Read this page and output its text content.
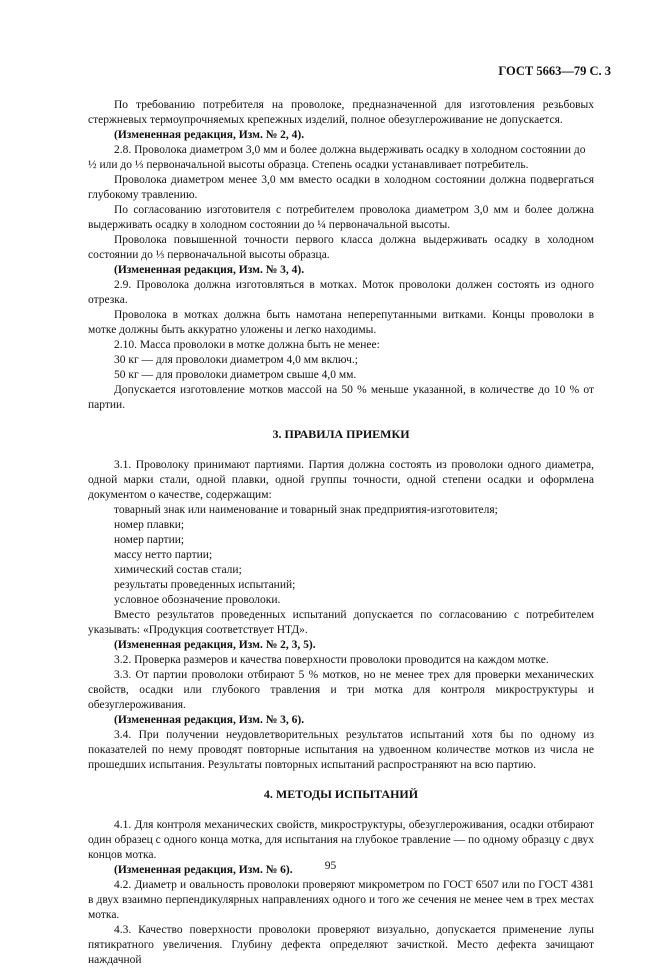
ГОСТ 5663—79 С. 3

По требованию потребителя на проволоке, предназначенной для изготовления резьбовых стержневых термоупрочняемых крепежных изделий, полное обезуглероживание не допускается.

(Измененная редакция, Изм. № 2, 4).

2.8. Проволока диаметром 3,0 мм и более должна выдерживать осадку в холодном состоянии до

½ или до ⅓ первоначальной высоты образца. Степень осадки устанавливает потребитель.

Проволока диаметром менее 3,0 мм вместо осадки в холодном состоянии должна подвергаться глубокому травлению.

По согласованию изготовителя с потребителем проволока диаметром 3,0 мм и более должна выдерживать осадку в холодном состоянии до ¼ первоначальной высоты.

Проволока повышенной точности первого класса должна выдерживать осадку в холодном состоянии до ⅓ первоначальной высоты образца.

(Измененная редакция, Изм. № 3, 4).

2.9. Проволока должна изготовляться в мотках. Моток проволоки должен состоять из одного отрезка.

Проволока в мотках должна быть намотана неперепутанными витками. Концы проволоки в мотке должны быть аккуратно уложены и легко находимы.

2.10. Масса проволоки в мотке должна быть не менее:

30 кг — для проволоки диаметром 4,0 мм включ.;

50 кг — для проволоки диаметром свыше 4,0 мм.

Допускается изготовление мотков массой на 50 % меньше указанной, в количестве до 10 % от партии.

3. ПРАВИЛА ПРИЕМКИ

3.1. Проволоку принимают партиями. Партия должна состоять из проволоки одного диаметра, одной марки стали, одной плавки, одной группы точности, одной степени осадки и оформлена документом о качестве, содержащим:

товарный знак или наименование и товарный знак предприятия-изготовителя;

номер плавки;

номер партии;

массу нетто партии;

химический состав стали;

результаты проведенных испытаний;

условное обозначение проволоки.

Вместо результатов проведенных испытаний допускается по согласованию с потребителем указывать: «Продукция соответствует НТД».

(Измененная редакция, Изм. № 2, 3, 5).

3.2. Проверка размеров и качества поверхности проволоки проводится на каждом мотке.

3.3. От партии проволоки отбирают 5 % мотков, но не менее трех для проверки механических свойств, осадки или глубокого травления и три мотка для контроля микроструктуры и обезуглероживания.

(Измененная редакция, Изм. № 3, 6).

3.4. При получении неудовлетворительных результатов испытаний хотя бы по одному из показателей по нему проводят повторные испытания на удвоенном количестве мотков из числа не прошедших испытания. Результаты повторных испытаний распространяют на всю партию.

4. МЕТОДЫ ИСПЫТАНИЙ

4.1. Для контроля механических свойств, микроструктуры, обезуглероживания, осадки отбирают один образец с одного конца мотка, для испытания на глубокое травление — по одному образцу с двух концов мотка.

(Измененная редакция, Изм. № 6).

4.2. Диаметр и овальность проволоки проверяют микрометром по ГОСТ 6507 или по ГОСТ 4381 в двух взаимно перпендикулярных направлениях одного и того же сечения не менее чем в трех местах мотка.

4.3. Качество поверхности проволоки проверяют визуально, допускается применение лупы пятикратного увеличения. Глубину дефекта определяют зачисткой. Место дефекта зачищают наждачной

95
